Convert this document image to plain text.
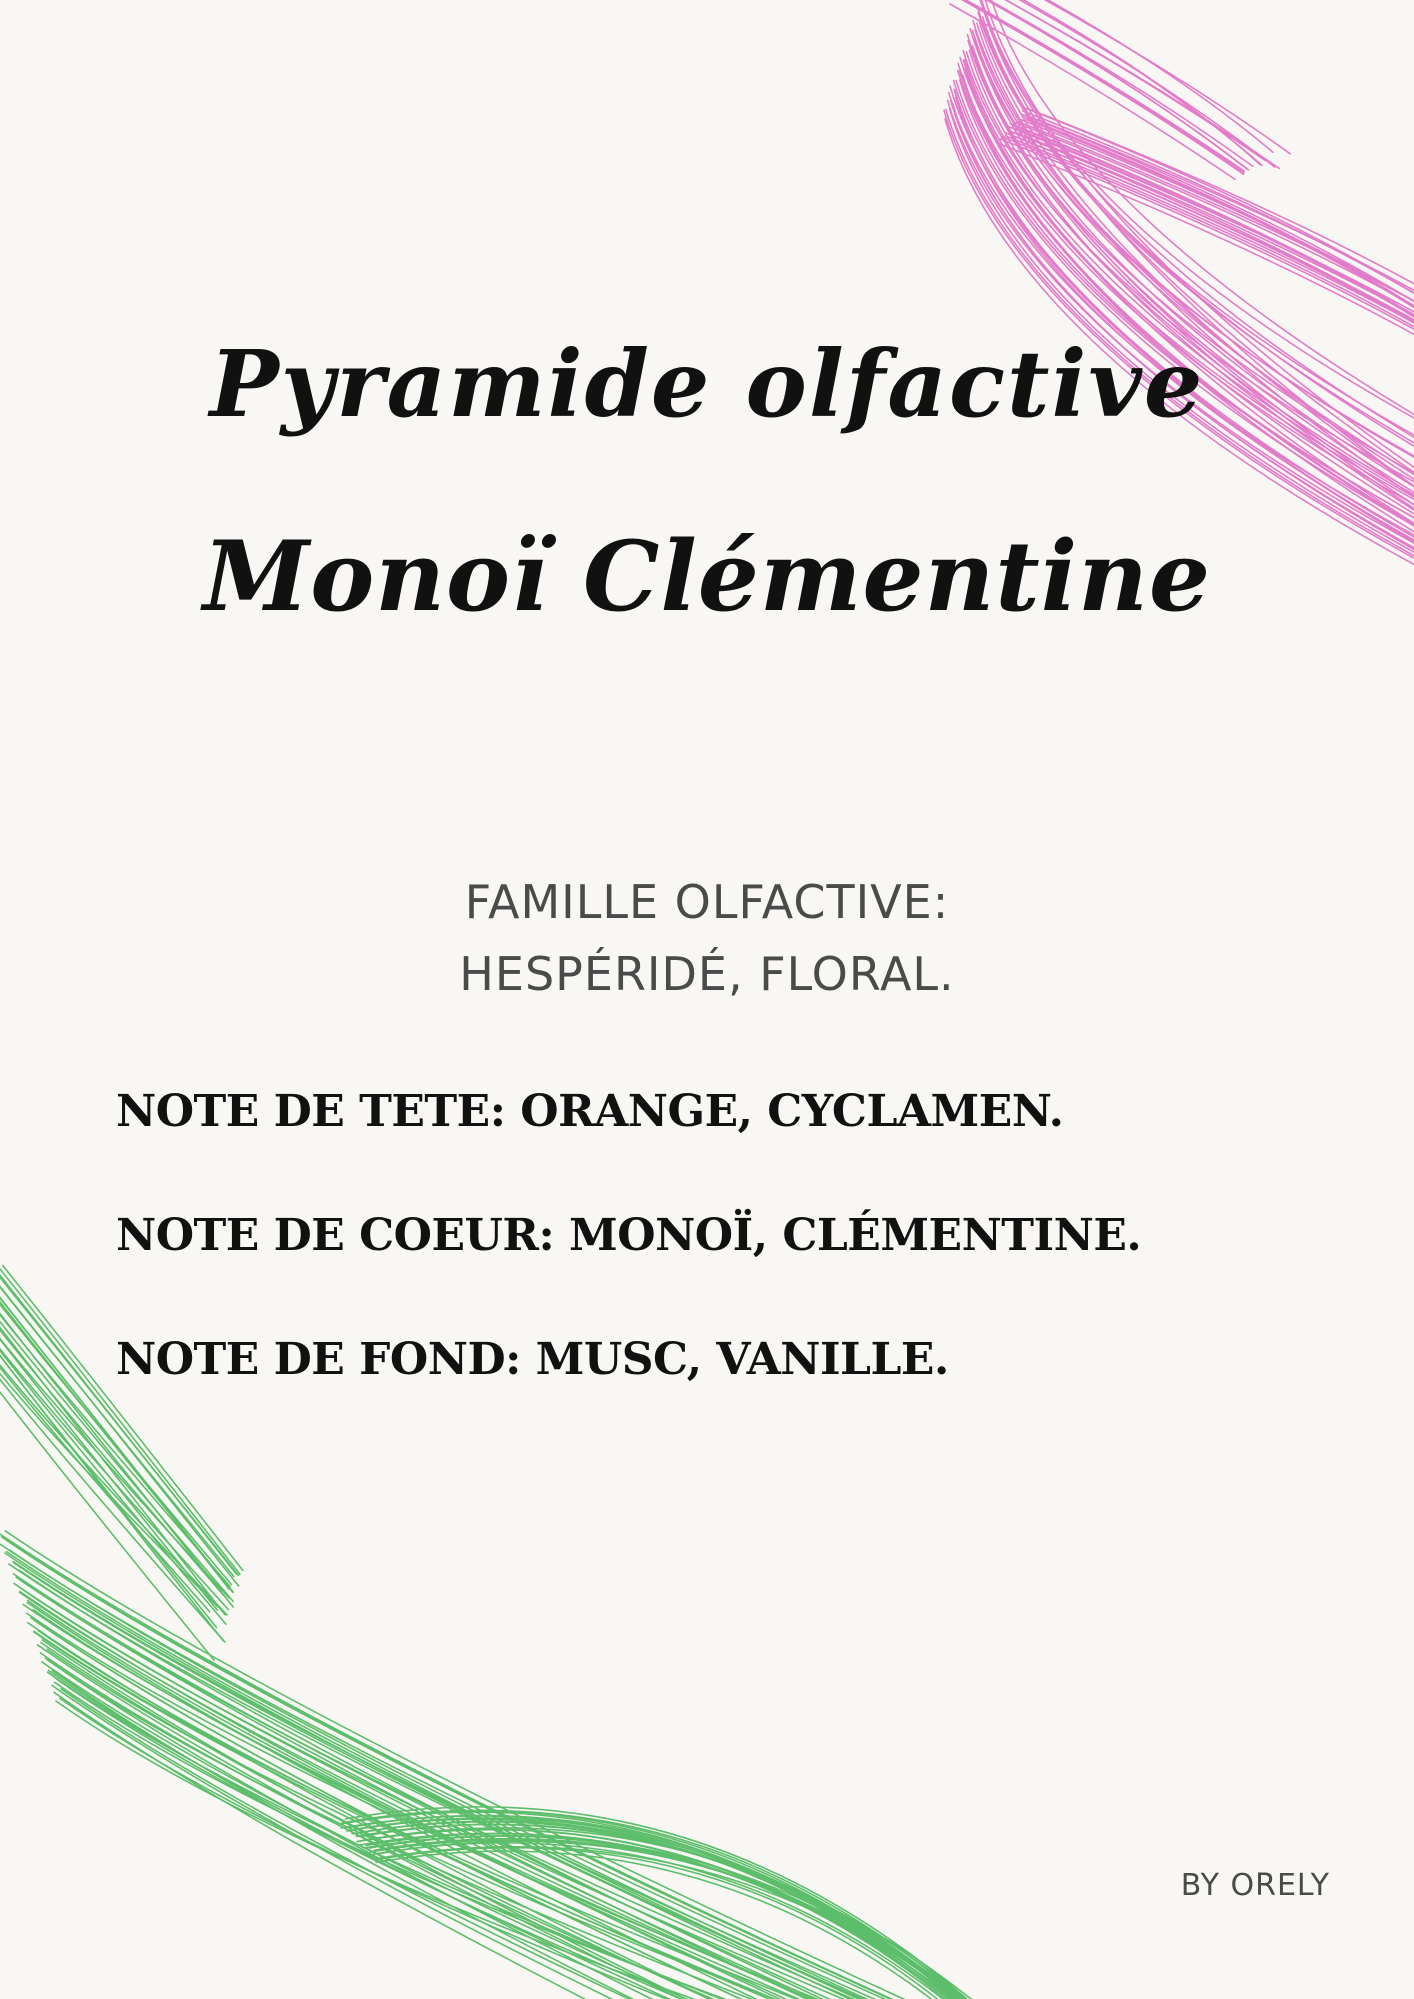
Pyramide olfactive
Monoï Clémentine

FAMILLE OLFACTIVE:
HESPÉRIDÉ, FLORAL.

NOTE DE TETE: ORANGE, CYCLAMEN.

NOTE DE COEUR: MONOÏ, CLÉMENTINE.

NOTE DE FOND: MUSC, VANILLE.

BY ORELY
